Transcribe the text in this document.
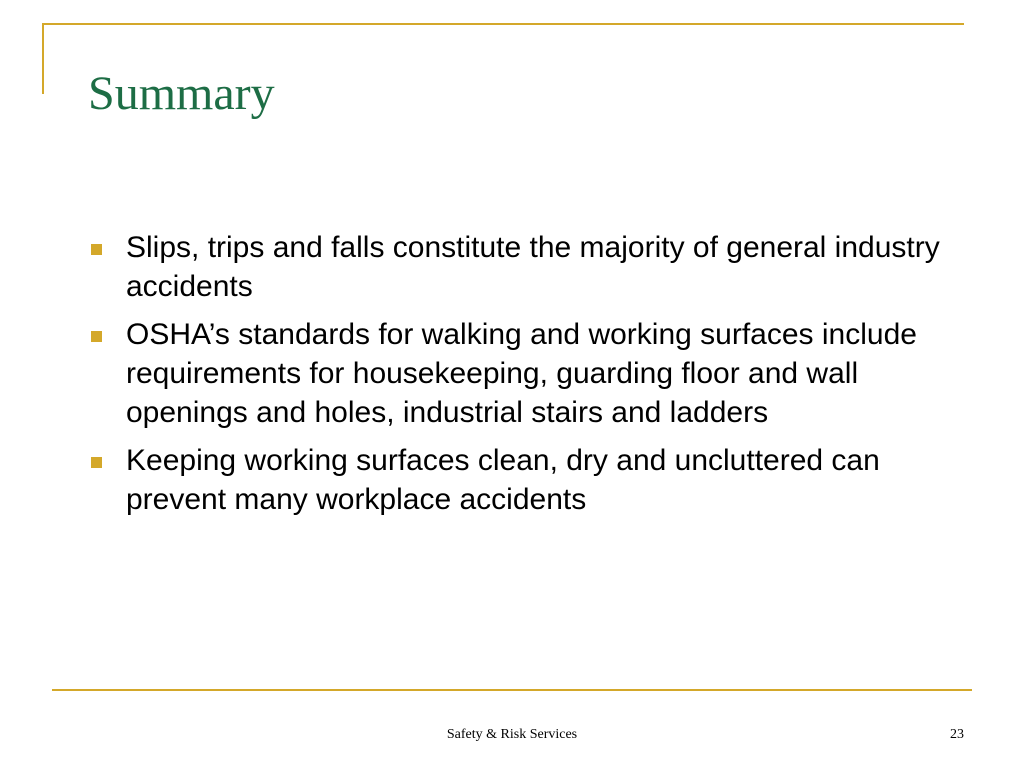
Summary
Slips, trips and falls constitute the majority of general industry accidents
OSHA’s standards for walking and working surfaces include requirements for housekeeping, guarding floor and wall openings and holes, industrial stairs and ladders
Keeping working surfaces clean, dry and uncluttered can prevent many workplace accidents
Safety & Risk Services	23
